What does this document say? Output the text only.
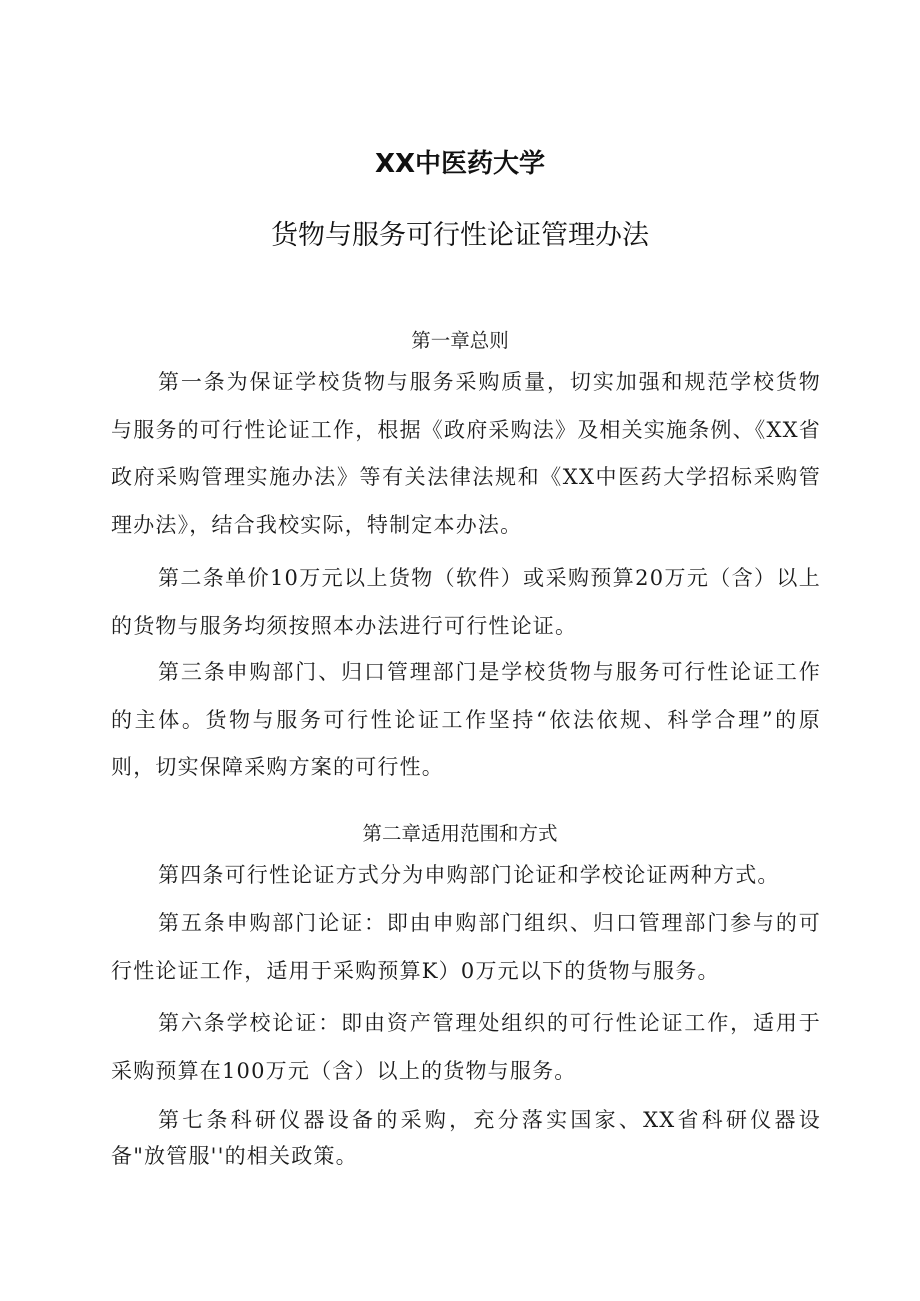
XX中医药大学
货物与服务可行性论证管理办法
第一章总则

第一条为保证学校货物与服务采购质量，切实加强和规范学校货物与服务的可行性论证工作，根据《政府采购法》及相关实施条例、《XX省政府采购管理实施办法》等有关法律法规和《XX中医药大学招标采购管理办法》，结合我校实际，特制定本办法。

第二条单价10万元以上货物（软件）或采购预算20万元（含）以上的货物与服务均须按照本办法进行可行性论证。

第三条申购部门、归口管理部门是学校货物与服务可行性论证工作的主体。货物与服务可行性论证工作坚持“依法依规、科学合理”的原则，切实保障采购方案的可行性。

第二章适用范围和方式

第四条可行性论证方式分为申购部门论证和学校论证两种方式。

第五条申购部门论证：即由申购部门组织、归口管理部门参与的可行性论证工作，适用于采购预算K）0万元以下的货物与服务。

第六条学校论证：即由资产管理处组织的可行性论证工作，适用于采购预算在100万元（含）以上的货物与服务。

第七条科研仪器设备的采购，充分落实国家、XX省科研仪器设备"放管服''的相关政策。
